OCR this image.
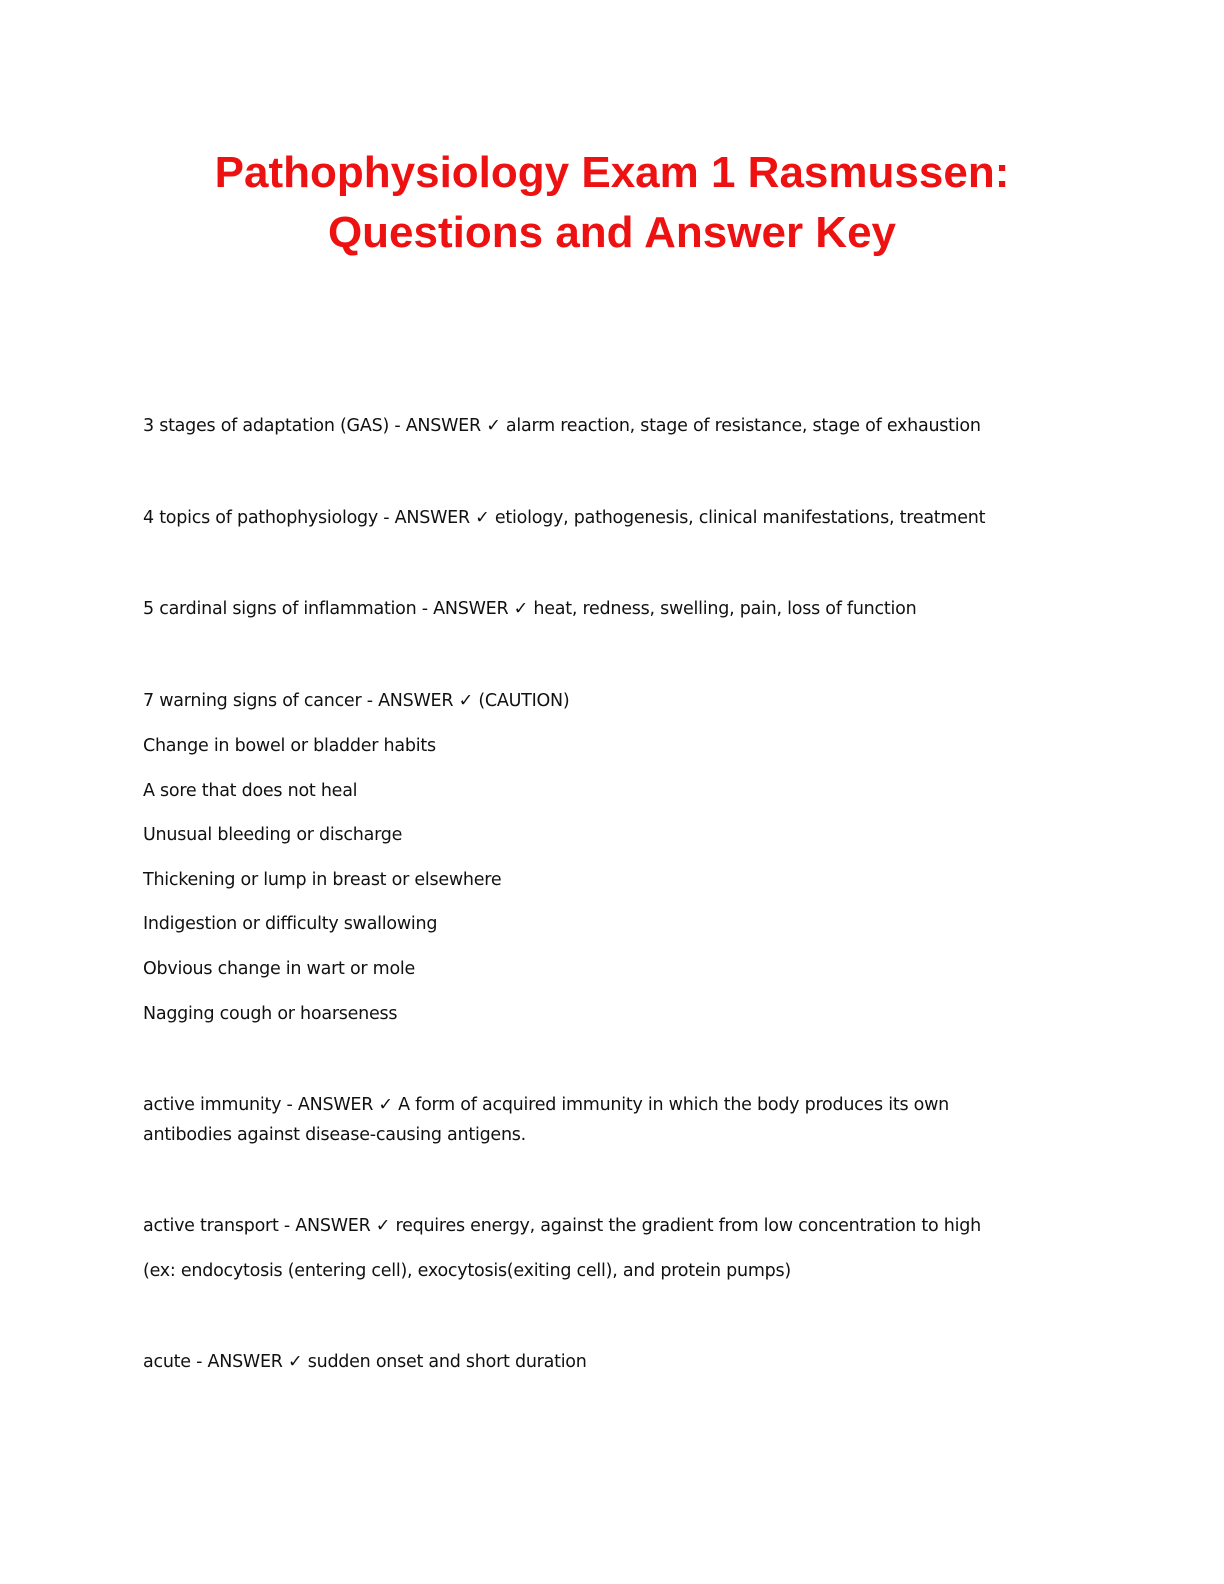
Pathophysiology Exam 1 Rasmussen:
Questions and Answer Key

3 stages of adaptation (GAS) - ANSWER ✓ alarm reaction, stage of resistance, stage of exhaustion

4 topics of pathophysiology - ANSWER ✓ etiology, pathogenesis, clinical manifestations, treatment

5 cardinal signs of inflammation - ANSWER ✓ heat, redness, swelling, pain, loss of function

7 warning signs of cancer - ANSWER ✓ (CAUTION)

Change in bowel or bladder habits

A sore that does not heal

Unusual bleeding or discharge

Thickening or lump in breast or elsewhere

Indigestion or difficulty swallowing

Obvious change in wart or mole

Nagging cough or hoarseness

active immunity - ANSWER ✓ A form of acquired immunity in which the body produces its own

antibodies against disease-causing antigens.

active transport - ANSWER ✓ requires energy, against the gradient from low concentration to high

(ex: endocytosis (entering cell), exocytosis(exiting cell), and protein pumps)

acute - ANSWER ✓ sudden onset and short duration
